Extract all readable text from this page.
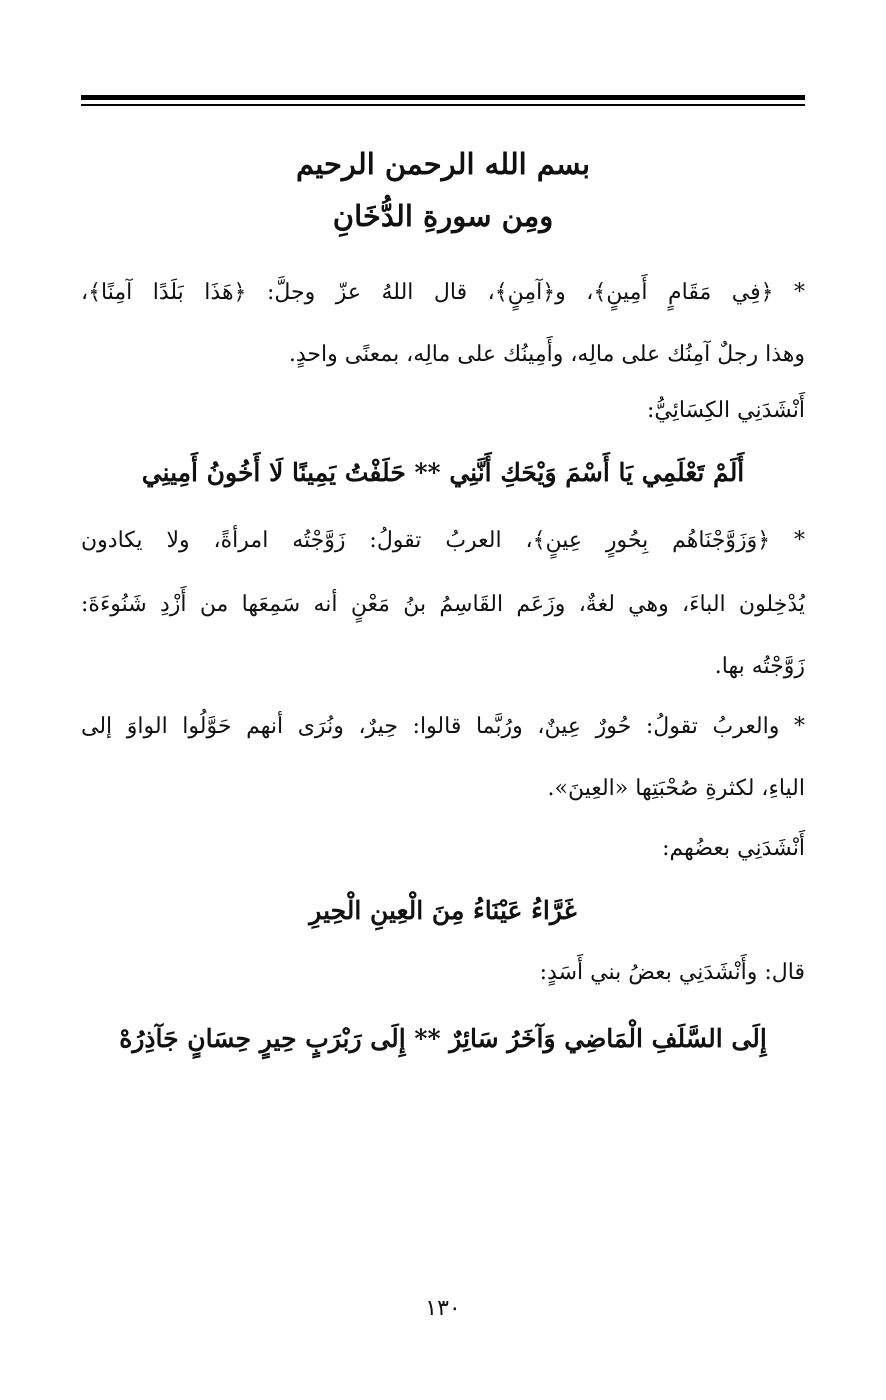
بسم الله الرحمن الرحيم
ومِن سورةِ الدُّخَانِ
* ﴿فِي مَقَامٍ أَمِينٍ﴾، و﴿آمِنٍ﴾، قال اللهُ عزّ وجلَّ: ﴿هَذَا بَلَدًا آمِنًا﴾،
وهذا رجلٌ آمِنُك على مالِه، وأَمِينُك على مالِه، بمعنًى واحدٍ.
أَنْشَدَنِي الكِسَائِيُّ:
أَلَمْ تَعْلَمِي يَا أَسْمَ وَيْحَكِ أَنَّنِي ** حَلَفْتُ يَمِينًا لَا أَخُونُ أَمِينِي
* ﴿وَزَوَّجْنَاهُم بِحُورٍ عِينٍ﴾، العربُ تقولُ: زَوَّجْتُه امرأةً، ولا يكادون
يُدْخِلون الباءَ، وهي لغةٌ، وزَعَم القَاسِمُ بنُ مَعْنٍ أنه سَمِعَها من أَزْدِ شَنُوءَةَ:
زَوَّجْتُه بها.
* والعربُ تقولُ: حُورٌ عِينٌ، ورُبَّما قالوا: حِيرٌ، ونُرَى أنهم حَوَّلُوا الواوَ إلى
الياءِ، لكثرةِ صُحْبَتِها «العِينَ».
أَنْشَدَنِي بعضُهم:
غَرَّاءُ عَيْنَاءُ مِنَ الْعِينِ الْحِيرِ
قال: وأَنْشَدَنِي بعضُ بني أَسَدٍ:
إِلَى السَّلَفِ الْمَاضِي وَآخَرُ سَائِرٌ ** إِلَى رَبْرَبٍ حِيرٍ حِسَانٍ جَآذِرُهْ
١٣٠
